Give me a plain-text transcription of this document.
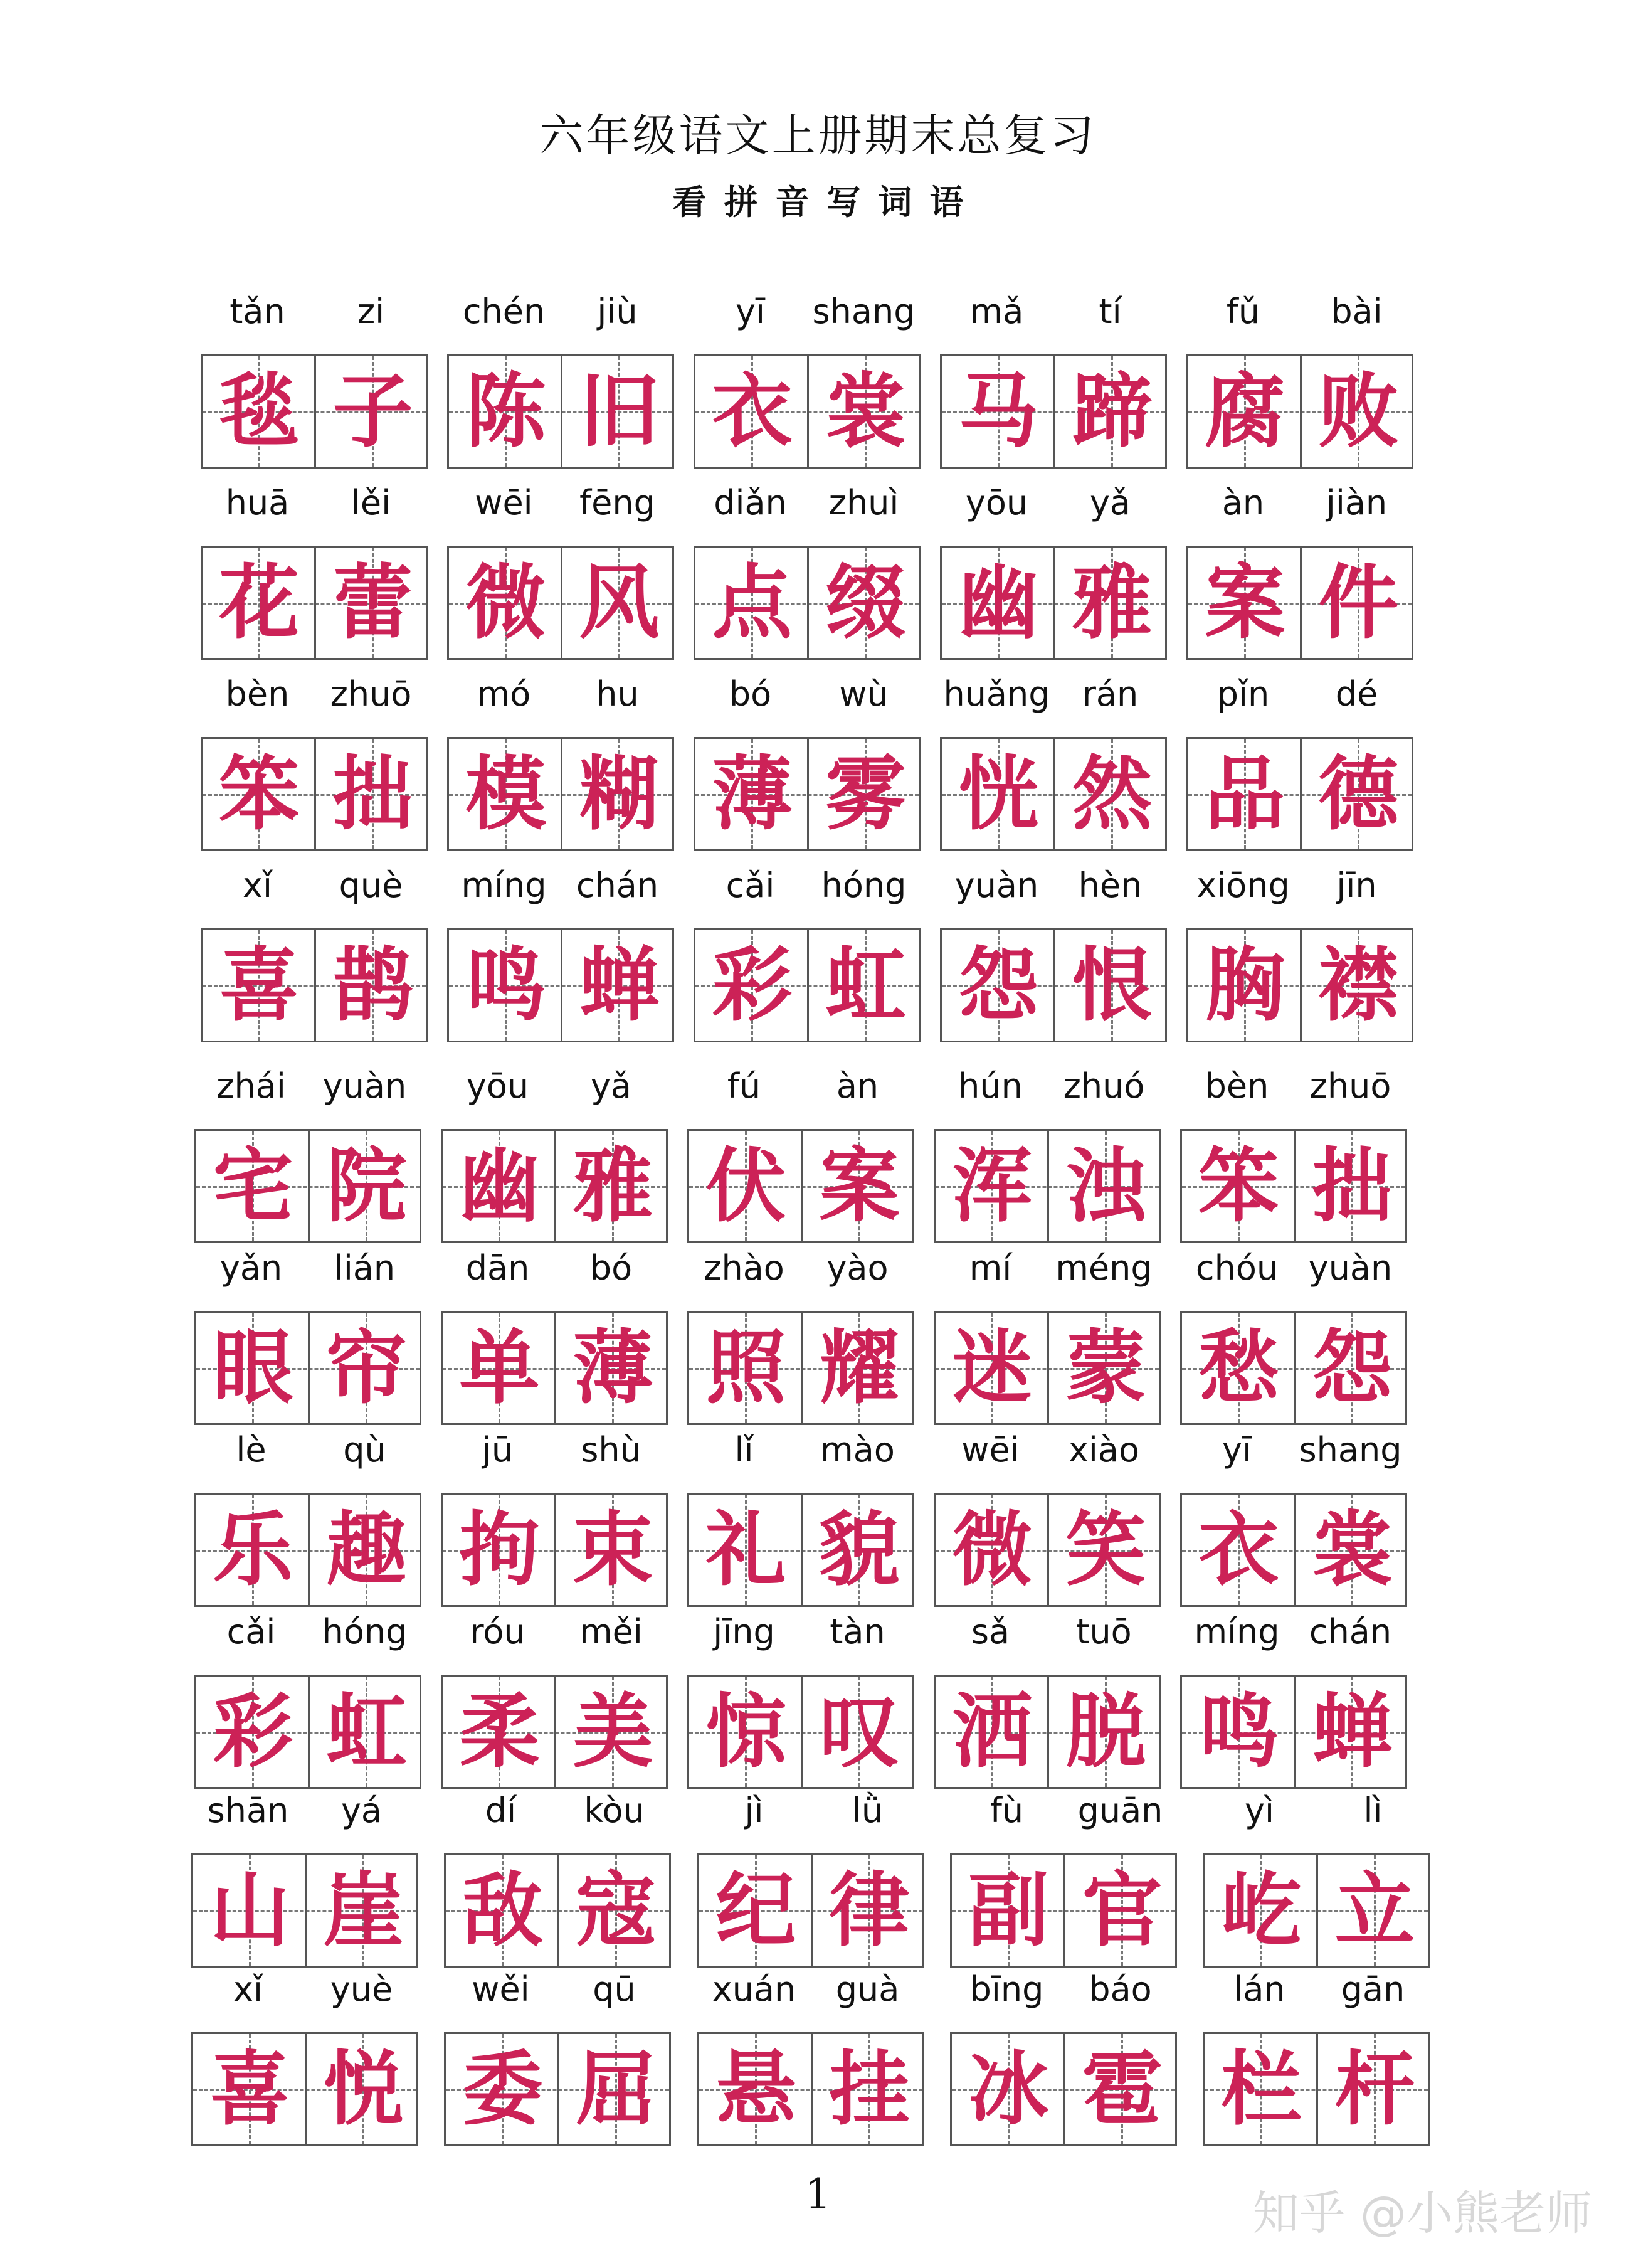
六年级语文上册期末总复习
看 拼 音 写 词 语
tǎn	zi
毯 子
chén	jiù
陈 旧
yī	shang
衣 裳
mǎ	tí
马 蹄
fǔ	bài
腐 败
huā	lěi
花 蕾
wēi	fēng
微 风
diǎn	zhuì
点 缀
yōu	yǎ
幽 雅
àn	jiàn
案 件
bèn	zhuō
笨 拙
mó	hu
模 糊
bó	wù
薄 雾
huǎng rán
恍 然
pǐn	dé
品 德
xǐ	què
喜 鹊
míng chán
鸣 蝉
cǎi	hóng
彩 虹
yuàn	hèn
怨 恨
xiōng	jīn
胸 襟
zhái	yuàn
宅 院
yōu	yǎ
幽 雅
fú	àn
伏 案
hún	zhuó
浑 浊
bèn	zhuō
笨 拙
yǎn	lián
眼 帘
dān	bó
单 薄
zhào	yào
照 耀
mí	méng
迷 蒙
chóu yuàn
愁 怨
lè	qù
乐 趣
jū	shù
拘 束
lǐ	mào
礼 貌
wēi	xiào
微 笑
yī	shang
衣 裳
cǎi	hóng
彩 虹
róu	měi
柔 美
jīng	tàn
惊 叹
sǎ	tuō
洒 脱
míng chán
鸣 蝉
shān	yá
山 崖
dí	kòu
敌 寇
jì	lǜ
纪 律
fù	guān
副 官
yì	lì
屹 立
xǐ	yuè
喜 悦
wěi	qū
委 屈
xuán	guà
悬 挂
bīng	báo
冰 雹
lán	gān
栏 杆
1	知乎 @小熊老师
